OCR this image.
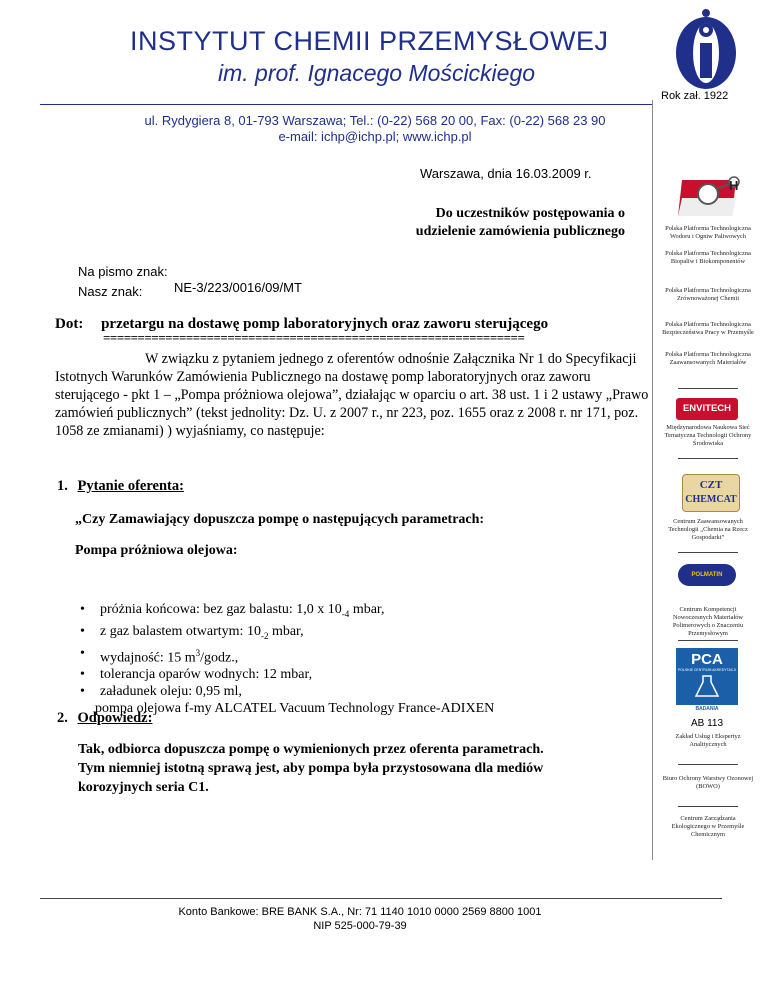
INSTYTUT CHEMII PRZEMYSŁOWEJ
im. prof. Ignacego Mościckiego
ul. Rydygiera 8, 01-793 Warszawa; Tel.: (0-22) 568 20 00, Fax: (0-22) 568 23 90
e-mail: ichp@ichp.pl; www.ichp.pl
Rok zał. 1922
Warszawa, dnia 16.03.2009 r.
Do uczestników postępowania o
udzielenie zamówienia publicznego
Na pismo znak:
Nasz znak: NE-3/223/0016/09/MT
Dot: przetargu na dostawę pomp laboratoryjnych oraz zaworu sterującego
=============================================================
W związku z pytaniem jednego z oferentów odnośnie Załącznika Nr 1 do Specyfikacji Istotnych Warunków Zamówienia Publicznego na dostawę pomp laboratoryjnych oraz zaworu sterującego - pkt 1 – „Pompa próżniowa olejowa”, działając w oparciu o art. 38 ust. 1 i 2 ustawy „Prawo zamówień publicznych” (tekst jednolity: Dz. U. z 2007 r., nr 223, poz. 1655 oraz z 2008 r. nr 171, poz. 1058 ze zmianami) ) wyjaśniamy, co następuje:
1. Pytanie oferenta:
„Czy Zamawiający dopuszcza pompę o następujących parametrach:
Pompa próżniowa olejowa:
• próżnia końcowa: bez gaz balastu: 1,0 x $10_{-4}$ mbar,
• z gaz balastem otwartym: $10_{-2}$ mbar,
• wydajność: 15 $m^3$/godz.,
• tolerancja oparów wodnych: 12 mbar,
• załadunek oleju: 0,95 ml,
pompa olejowa f-my ALCATEL Vacuum Technology France-ADIXEN
2. Odpowiedź:
Tak, odbiorca dopuszcza pompę o wymienionych przez oferenta parametrach.
Tym niemniej istotną sprawą jest, aby pompa była przystosowana dla mediów
korozyjnych seria C1.
Konto Bankowe: BRE BANK S.A., Nr: 71 1140 1010 0000 2569 8800 1001
NIP 525-000-79-39
H
Polska Platforma Technologiczna Wodoru i Ogniw Paliwowych
Polska Platforma Technologiczna Biopaliw i Biokomponentów
Polska Platforma Technologiczna Zrównoważonej Chemii
Polska Platforma Technologiczna Bezpieczeństwa Pracy w Przemyśle
Polska Platforma Technologiczna Zaawansowanych Materiałów
ENVITECH
Międzynarodowa Naukowa Sieć Tematyczna Technologii Ochrony Środowiska
CZT
CHEMCAT
Centrum Zaawansowanych Technologii „Chemia na Rzecz Gospodarki”
POLMATIN
Centrum Kompetencji Nowoczesnych Materiałów Polimerowych o Znaczeniu Przemysłowym
PCA
POLSKIE CENTRUM AKREDYTACJI
BADANIA
AB 113
Zakład Usług i Ekspertyz Analitycznych
Biuro Ochrony Warstwy Ozonowej (BOWO)
Centrum Zarządzania Ekologicznego w Przemyśle Chemicznym
